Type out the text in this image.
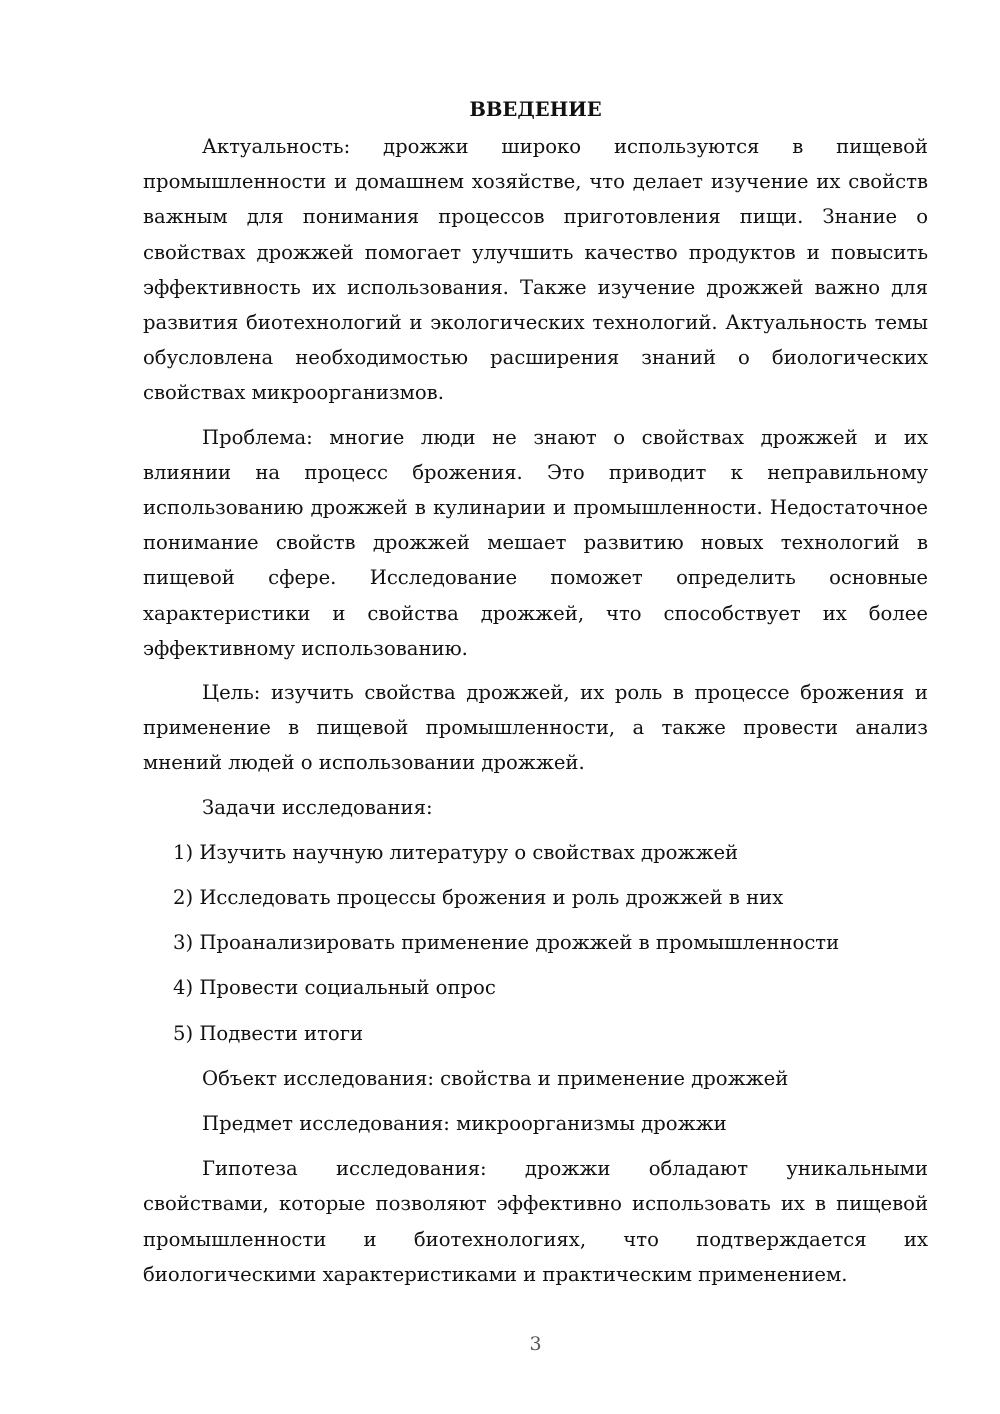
ВВЕДЕНИЕ

Актуальность: дрожжи широко используются в пищевой промышленности и домашнем хозяйстве, что делает изучение их свойств важным для понимания процессов приготовления пищи. Знание о свойствах дрожжей помогает улучшить качество продуктов и повысить эффективность их использования. Также изучение дрожжей важно для развития биотехнологий и экологических технологий. Актуальность темы обусловлена необходимостью расширения знаний о биологических свойствах микроорганизмов.

Проблема: многие люди не знают о свойствах дрожжей и их влиянии на процесс брожения. Это приводит к неправильному использованию дрожжей в кулинарии и промышленности. Недостаточное понимание свойств дрожжей мешает развитию новых технологий в пищевой сфере. Исследование поможет определить основные характеристики и свойства дрожжей, что способствует их более эффективному использованию.

Цель: изучить свойства дрожжей, их роль в процессе брожения и применение в пищевой промышленности, а также провести анализ мнений людей о использовании дрожжей.

Задачи исследования:

1) Изучить научную литературу о свойствах дрожжей
2) Исследовать процессы брожения и роль дрожжей в них
3) Проанализировать применение дрожжей в промышленности
4) Провести социальный опрос
5) Подвести итоги

Объект исследования: свойства и применение дрожжей

Предмет исследования: микроорганизмы дрожжи

Гипотеза исследования: дрожжи обладают уникальными свойствами, которые позволяют эффективно использовать их в пищевой промышленности и биотехнологиях, что подтверждается их биологическими характеристиками и практическим применением.

3
